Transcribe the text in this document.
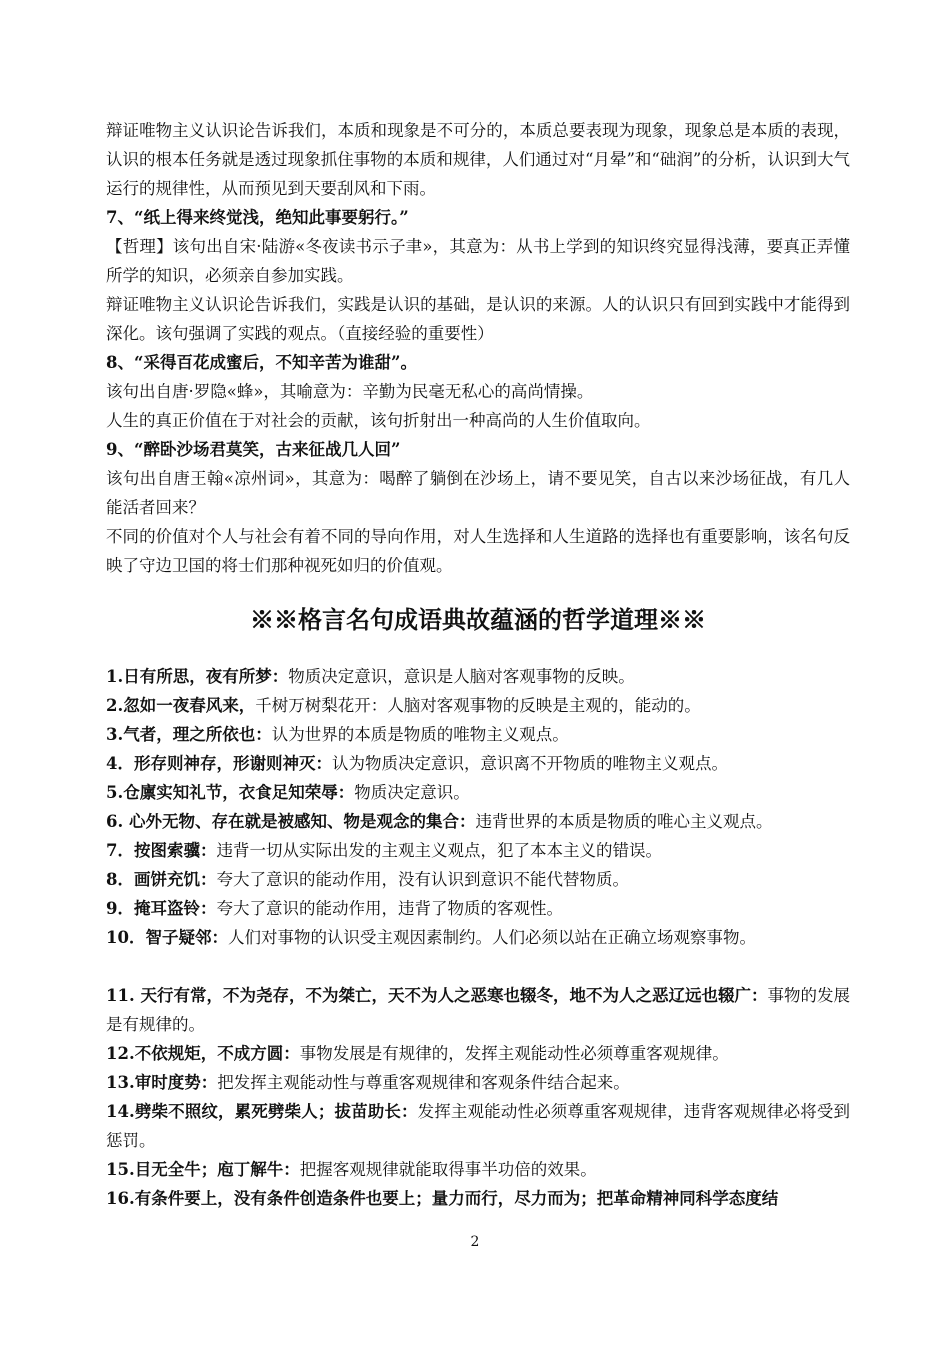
辩证唯物主义认识论告诉我们，本质和现象是不可分的，本质总要表现为现象，现象总是本质的表现，认识的根本任务就是透过现象抓住事物的本质和规律，人们通过对“月晕”和“础润”的分析，认识到大气运行的规律性，从而预见到天要刮风和下雨。

7、“纸上得来终觉浅，绝知此事要躬行。”

【哲理】该句出自宋·陆游«冬夜读书示子聿»，其意为：从书上学到的知识终究显得浅薄，要真正弄懂所学的知识，必须亲自参加实践。

辩证唯物主义认识论告诉我们，实践是认识的基础，是认识的来源。人的认识只有回到实践中才能得到深化。该句强调了实践的观点。（直接经验的重要性）

8、“采得百花成蜜后，不知辛苦为谁甜”。

该句出自唐·罗隐«蜂»，其喻意为：辛勤为民毫无私心的高尚情操。

人生的真正价值在于对社会的贡献，该句折射出一种高尚的人生价值取向。

9、“醉卧沙场君莫笑，古来征战几人回”

该句出自唐王翰«凉州词»，其意为：喝醉了躺倒在沙场上，请不要见笑，自古以来沙场征战，有几人能活者回来？

不同的价值对个人与社会有着不同的导向作用，对人生选择和人生道路的选择也有重要影响，该名句反映了守边卫国的将士们那种视死如归的价值观。

※※格言名句成语典故蕴涵的哲学道理※※

1.日有所思，夜有所梦：物质决定意识，意识是人脑对客观事物的反映。

2.忽如一夜春风来，千树万树梨花开：人脑对客观事物的反映是主观的，能动的。

3.气者，理之所依也：认为世界的本质是物质的唯物主义观点。

4．形存则神存，形谢则神灭：认为物质决定意识，意识离不开物质的唯物主义观点。

5.仓廪实知礼节，衣食足知荣辱：物质决定意识。

6. 心外无物、存在就是被感知、物是观念的集合：违背世界的本质是物质的唯心主义观点。

7．按图索骥：违背一切从实际出发的主观主义观点，犯了本本主义的错误。

8．画饼充饥：夸大了意识的能动作用，没有认识到意识不能代替物质。

9．掩耳盗铃：夸大了意识的能动作用，违背了物质的客观性。

10．智子疑邻：人们对事物的认识受主观因素制约。人们必须以站在正确立场观察事物。

11. 天行有常，不为尧存，不为桀亡，天不为人之恶寒也辍冬，地不为人之恶辽远也辍广：事物的发展是有规律的。

12.不依规矩，不成方圆：事物发展是有规律的，发挥主观能动性必须尊重客观规律。

13.审时度势：把发挥主观能动性与尊重客观规律和客观条件结合起来。

14.劈柴不照纹，累死劈柴人；拔苗助长：发挥主观能动性必须尊重客观规律，违背客观规律必将受到惩罚。

15.目无全牛；庖丁解牛：把握客观规律就能取得事半功倍的效果。

16.有条件要上，没有条件创造条件也要上；量力而行，尽力而为；把革命精神同科学态度结

2
